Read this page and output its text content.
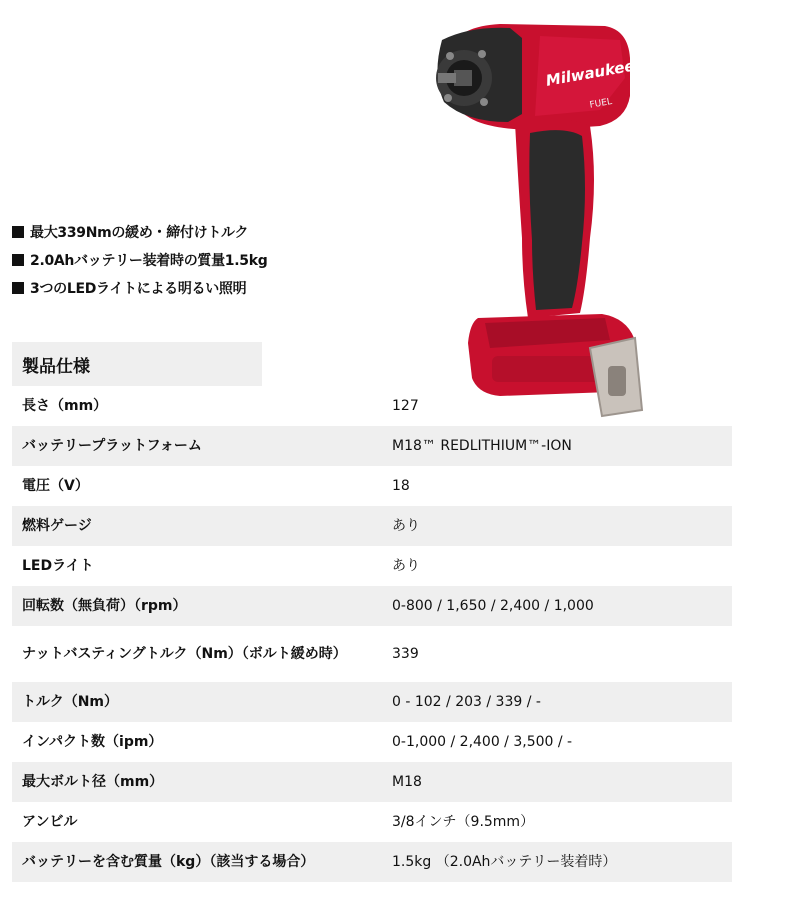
Milwaukee
FUEL
最大339Nmの緩め・締付けトルク
2.0Ahバッテリー装着時の質量1.5kg
3つのLEDライトによる明るい照明
製品仕様
長さ（mm）	127
バッテリープラットフォーム	M18™ REDLITHIUM™-ION
電圧（V）	18
燃料ゲージ	あり
LEDライト	あり
回転数（無負荷）（rpm）	0-800 / 1,650 / 2,400 / 1,000
ナットバスティングトルク（Nm）（ボルト緩め時）	339
トルク（Nm）	0 - 102 / 203 / 339 / -
インパクト数（ipm）	0-1,000 / 2,400 / 3,500 / -
最大ボルト径（mm）	M18
アンビル	3/8インチ（9.5mm）
バッテリーを含む質量（kg）（該当する場合）	1.5kg （2.0Ahバッテリー装着時）
